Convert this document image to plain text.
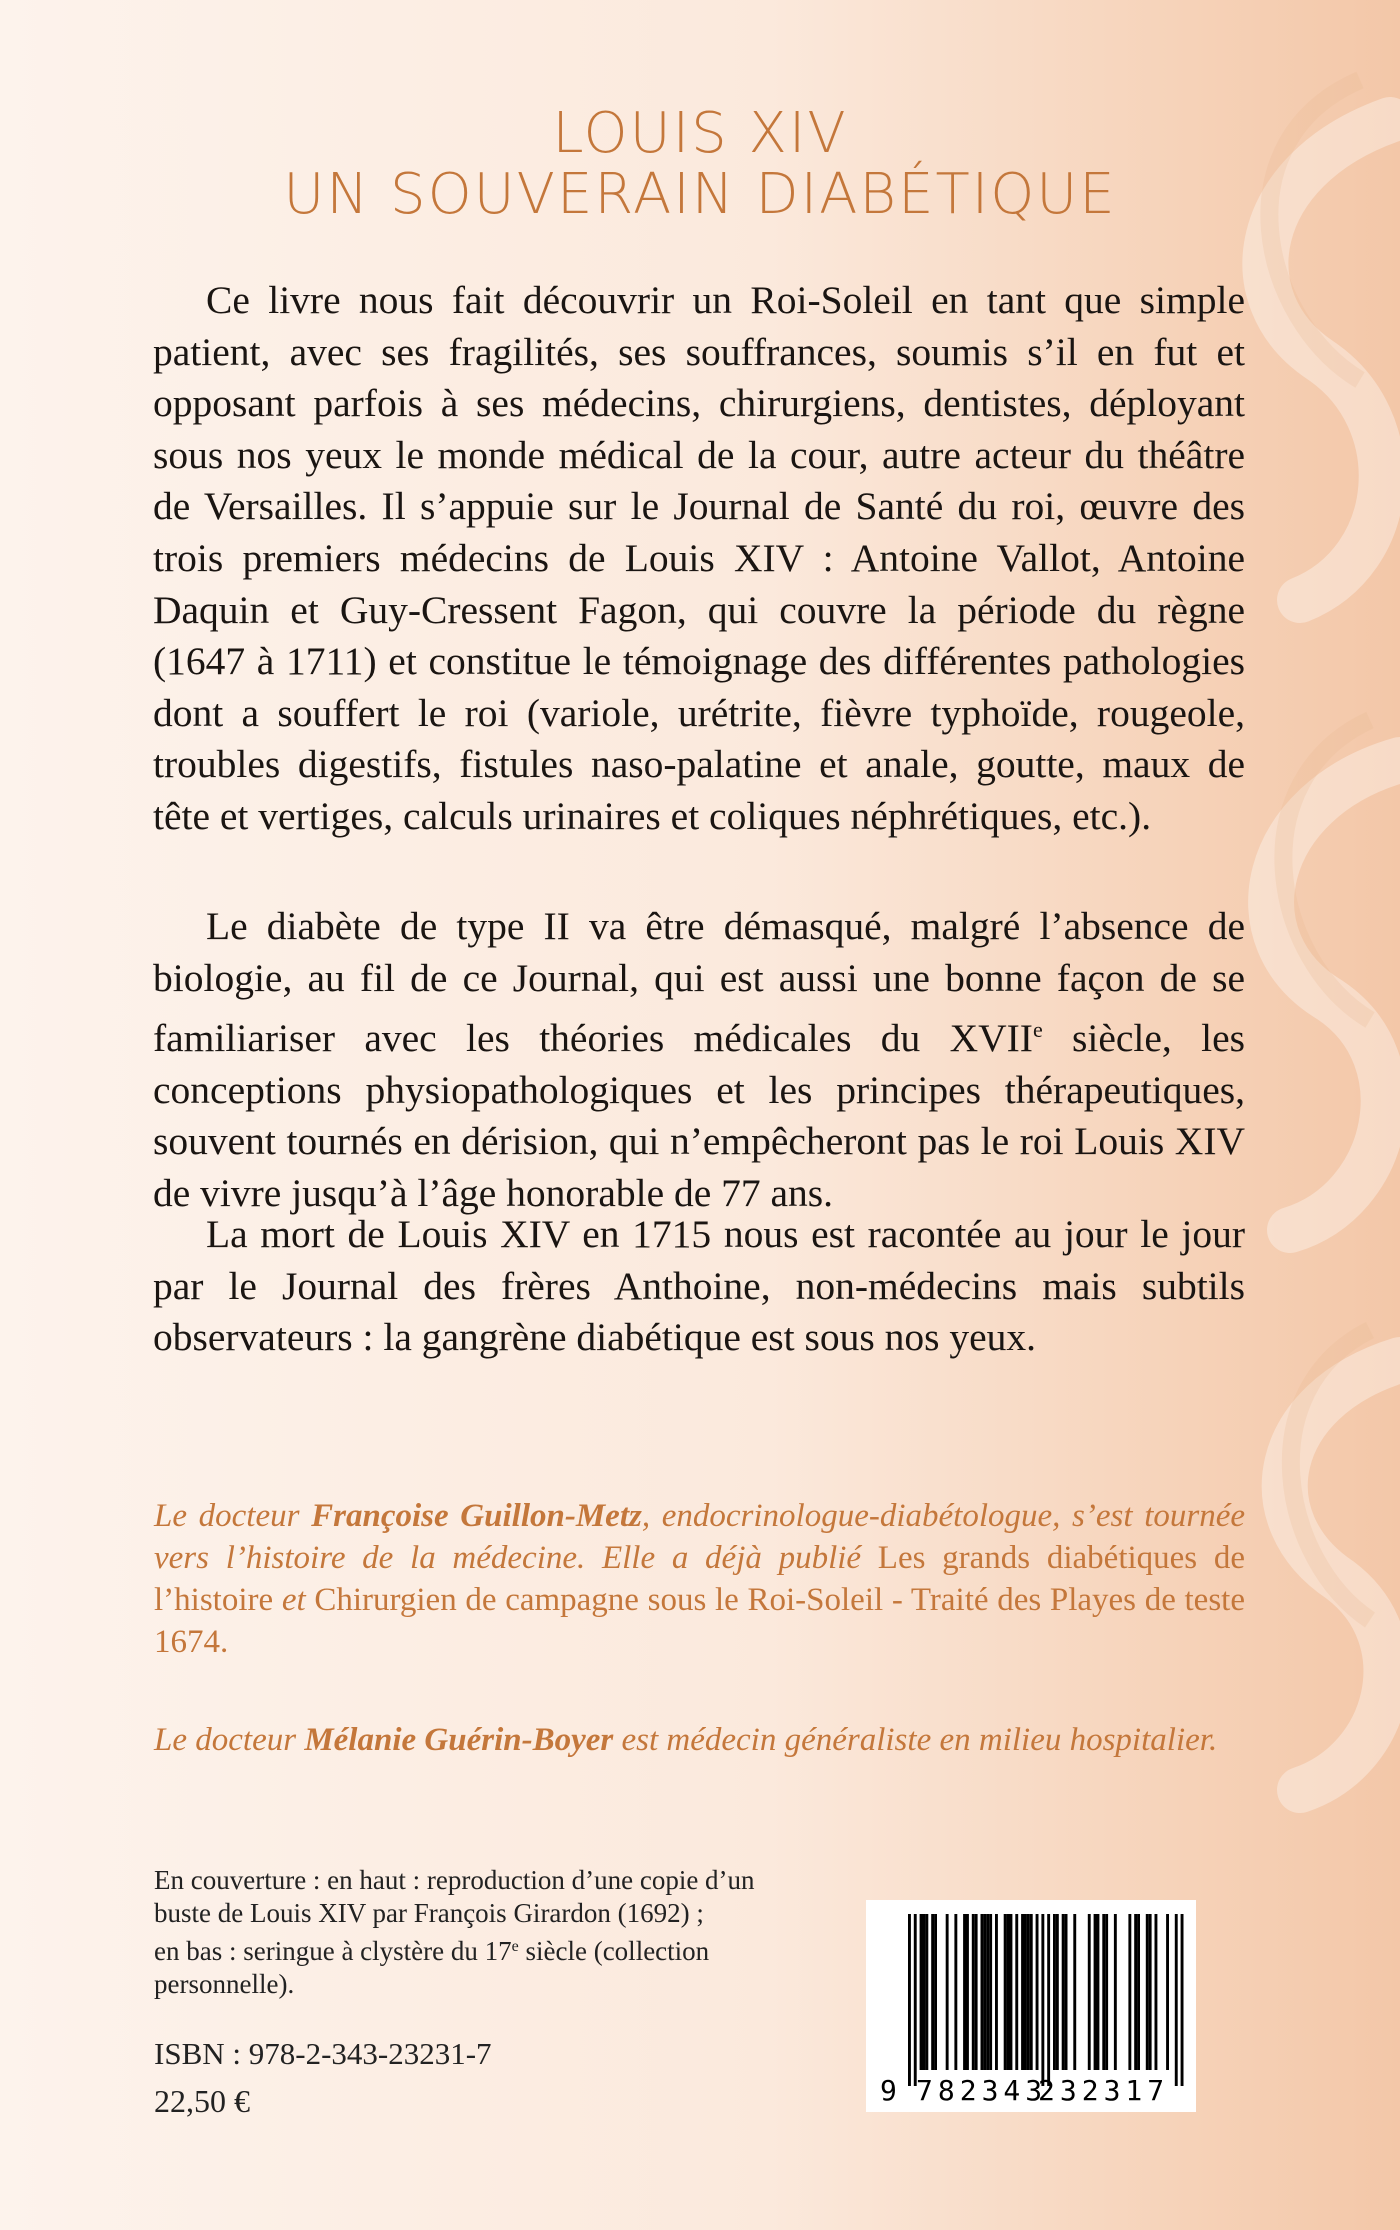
LOUIS XIV
UN SOUVERAIN DIABÉTIQUE

Ce livre nous fait découvrir un Roi-Soleil en tant que simple patient, avec ses fragilités, ses souffrances, soumis s’il en fut et opposant parfois à ses médecins, chirurgiens, dentistes, déployant sous nos yeux le monde médical de la cour, autre acteur du théâtre de Versailles. Il s’appuie sur le Journal de Santé du roi, œuvre des trois premiers médecins de Louis XIV : Antoine Vallot, Antoine Daquin et Guy-Cressent Fagon, qui couvre la période du règne (1647 à 1711) et constitue le témoignage des différentes pathologies dont a souffert le roi (variole, urétrite, fièvre typhoïde, rougeole, troubles digestifs, fistules naso-palatine et anale, goutte, maux de tête et vertiges, calculs urinaires et coliques néphrétiques, etc.).

Le diabète de type II va être démasqué, malgré l’absence de biologie, au fil de ce Journal, qui est aussi une bonne façon de se familiariser avec les théories médicales du XVIIe siècle, les conceptions physiopathologiques et les principes thérapeutiques, souvent tournés en dérision, qui n’empêcheront pas le roi Louis XIV de vivre jusqu’à l’âge honorable de 77 ans.

La mort de Louis XIV en 1715 nous est racontée au jour le jour par le Journal des frères Anthoine, non-médecins mais subtils observateurs : la gangrène diabétique est sous nos yeux.

Le docteur Françoise Guillon-Metz, endocrinologue-diabétologue, s’est tournée vers l’histoire de la médecine. Elle a déjà publié Les grands diabétiques de l’histoire et Chirurgien de campagne sous le Roi-Soleil - Traité des Playes de teste 1674.

Le docteur Mélanie Guérin-Boyer est médecin généraliste en milieu hospitalier.

En couverture : en haut : reproduction d’une copie d’un
buste de Louis XIV par François Girardon (1692) ;
en bas : seringue à clystère du 17e siècle (collection
personnelle).
ISBN : 978-2-343-23231-7
22,50 €	9 782343
232317
